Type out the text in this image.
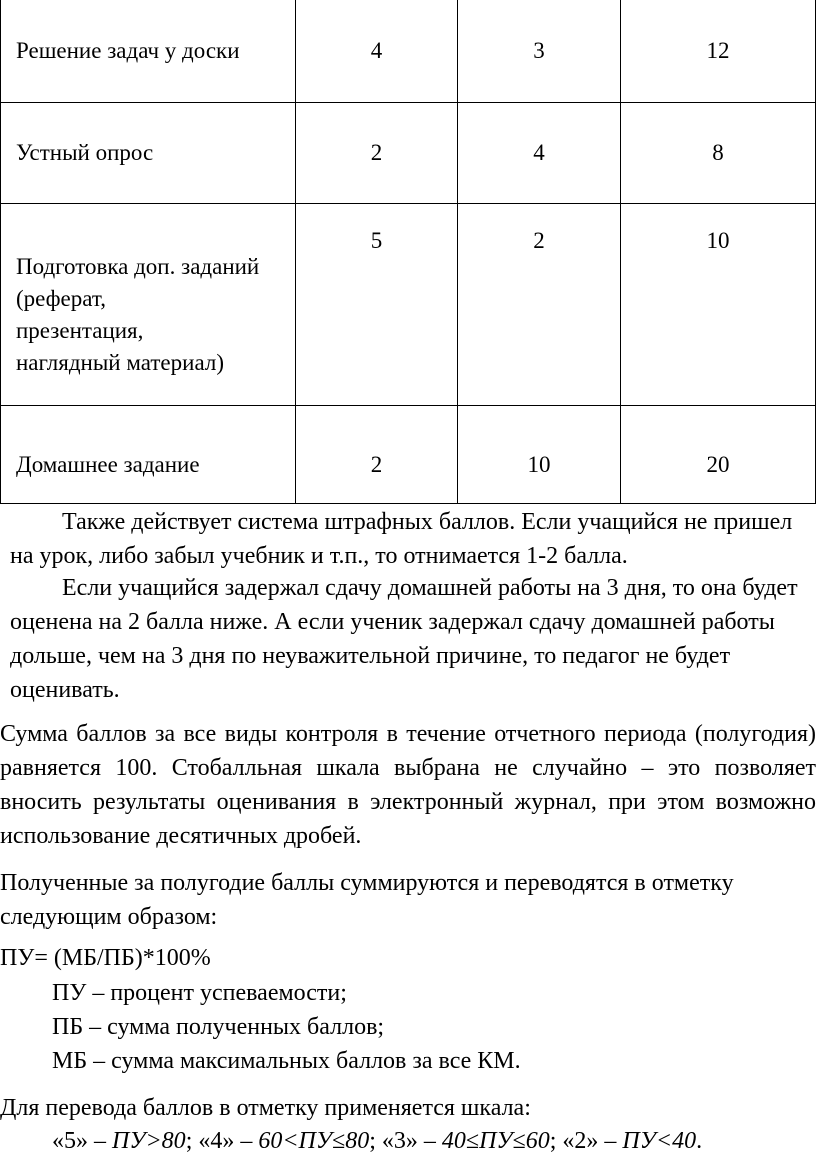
Решение задач у доски	4	3	12
Устный опрос	2	4	8

Подготовка доп. заданий
(реферат,
презентация,
наглядный материал)	5	2	10
Домашнее задание	2	10	20

Также действует система штрафных баллов. Если учащийся не пришел на урок, либо забыл учебник и т.п., то отнимается 1-2 балла.

Если учащийся задержал сдачу домашней работы на 3 дня, то она будет оценена на 2 балла ниже. А если ученик задержал сдачу домашней работы дольше, чем на 3 дня по неуважительной причине, то педагог не будет оценивать.

Сумма баллов за все виды контроля в течение отчетного периода (полугодия) равняется 100. Стобалльная шкала выбрана не случайно – это позволяет вносить результаты оценивания в электронный журнал, при этом возможно использование десятичных дробей.

Полученные за полугодие баллы суммируются и переводятся в отметку следующим образом:

ПУ= (МБ/ПБ)*100%

ПУ – процент успеваемости;

ПБ – сумма полученных баллов;

МБ – сумма максимальных баллов за все КМ.

Для перевода баллов в отметку применяется шкала:

«5» – ПУ>80; «4» – 60<ПУ≤80; «3» – 40≤ПУ≤60; «2» – ПУ<40.
